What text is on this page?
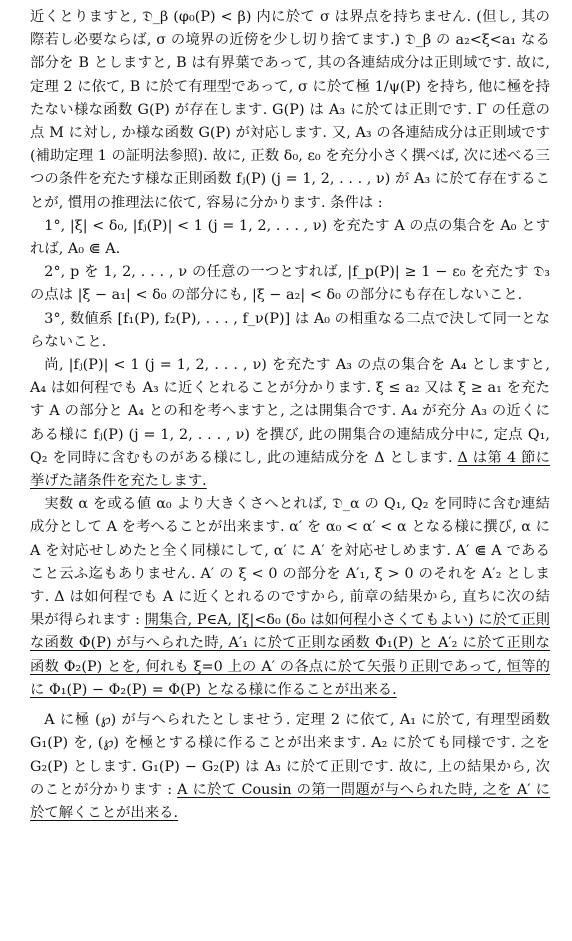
近くとりますと, 𝔇_β (φ₀(P) < β) 内に於て σ は界点を持ちません. (但し, 其の際若し必要ならば, σ の境界の近傍を少し切り捨てます.) 𝔇_β の a₂<ξ<a₁ なる部分を B としますと, B は有界葉であって, 其の各連結成分は正則域です. 故に, 定理 2 に依て, B に於て有理型であって, σ に於て極 1/ψ(P) を持ち, 他に極を持たない様な函数 G(P) が存在します. G(P) は A₃ に於ては正則です. Γ の任意の点 M に対し, か様な函数 G(P) が対応します. 又, A₃ の各連結成分は正則域です (補助定理 1 の証明法参照). 故に, 正数 δ₀, ε₀ を充分小さく撰べば, 次に述べる三つの条件を充たす様な正則函数 fⱼ(P) (j = 1, 2, . . . , ν) が A₃ に於て存在することが, 慣用の推理法に依て, 容易に分かります. 条件は :

1°, |ξ| < δ₀, |fⱼ(P)| < 1 (j = 1, 2, . . . , ν) を充たす A の点の集合を A₀ とすれば, A₀ ⋐ A.

2°, p を 1, 2, . . . , ν の任意の一つとすれば, |f_p(P)| ≥ 1 − ε₀ を充たす 𝔇₃ の点は |ξ − a₁| < δ₀ の部分にも, |ξ − a₂| < δ₀ の部分にも存在しないこと.

3°, 数値系 [f₁(P), f₂(P), . . . , f_ν(P)] は A₀ の相重なる二点で決して同一とならないこと.

尚, |fⱼ(P)| < 1 (j = 1, 2, . . . , ν) を充たす A₃ の点の集合を A₄ としますと, A₄ は如何程でも A₃ に近くとれることが分かります. ξ ≤ a₂ 又は ξ ≥ a₁ を充たす A の部分と A₄ との和を考へますと, 之は開集合です. A₄ が充分 A₃ の近くにある様に fⱼ(P) (j = 1, 2, . . . , ν) を撰び, 此の開集合の連結成分中に, 定点 Q₁, Q₂ を同時に含むものがある様にし, 此の連結成分を Δ とします. Δ は第 4 節に挙げた諸条件を充たします.

実数 α を或る値 α₀ より大きくさへとれば, 𝔇_α の Q₁, Q₂ を同時に含む連結成分として A を考へることが出来ます. α′ を α₀ < α′ < α となる様に撰び, α に A を対応せしめたと全く同様にして, α′ に A′ を対応せしめます. A′ ⋐ A であること云ふ迄もありません. A′ の ξ < 0 の部分を A′₁, ξ > 0 のそれを A′₂ とします. Δ は如何程でも A に近くとれるのですから, 前章の結果から, 直ちに次の結果が得られます : 開集合, P∈A, |ξ|<δ₀ (δ₀ は如何程小さくてもよい) に於て正則な函数 Φ(P) が与へられた時, A′₁ に於て正則な函数 Φ₁(P) と A′₂ に於て正則な函数 Φ₂(P) とを, 何れも ξ=0 上の A′ の各点に於て矢張り正則であって, 恒等的に Φ₁(P) − Φ₂(P) = Φ(P) となる様に作ることが出来る.

A に極 (℘) が与へられたとしませう. 定理 2 に依て, A₁ に於て, 有理型函数 G₁(P) を, (℘) を極とする様に作ることが出来ます. A₂ に於ても同様です. 之を G₂(P) とします. G₁(P) − G₂(P) は A₃ に於て正則です. 故に, 上の結果から, 次のことが分かります : A に於て Cousin の第一問題が与へられた時, 之を A′ に於て解くことが出来る.
